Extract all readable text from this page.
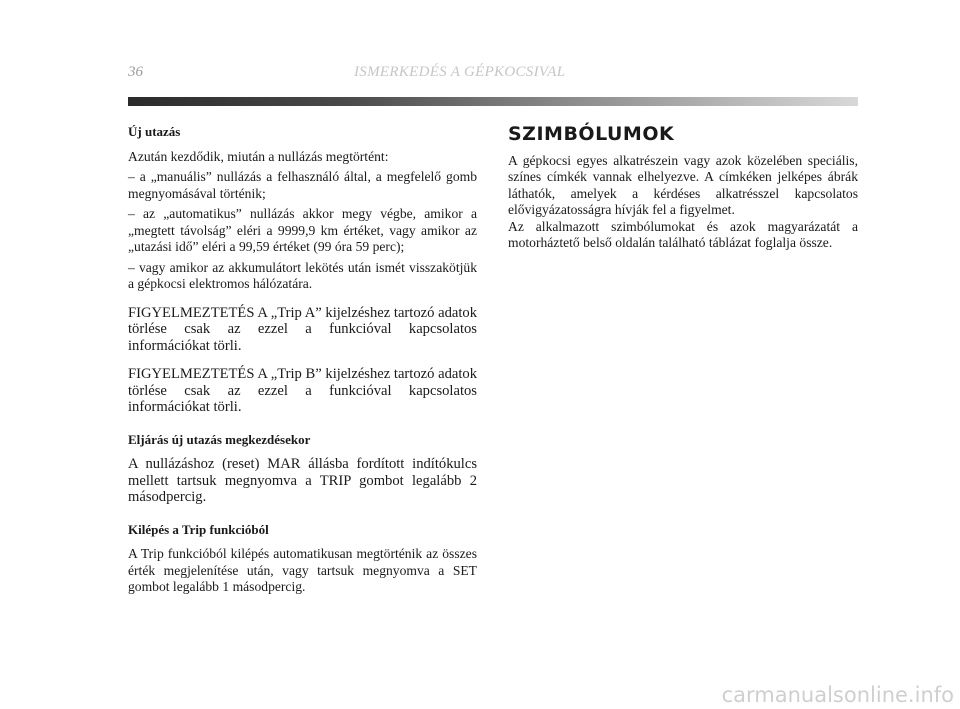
36	ISMERKEDÉS A GÉPKOCSIVAL
Új utazás

Azután kezdődik, miután a nullázás megtörtént:

– a „manuális” nullázás a felhasználó által, a megfelelő gomb megnyomásával történik;

– az „automatikus” nullázás akkor megy végbe, amikor a „megtett távolság” eléri a 9999,9 km értéket, vagy amikor az „utazási idő” eléri a 99,59 értéket (99 óra 59 perc);

– vagy amikor az akkumulátort lekötés után ismét visszakötjük a gépkocsi elektromos hálózatára.

FIGYELMEZTETÉS A „Trip A” kijelzéshez tartozó adatok törlése csak az ezzel a funkcióval kapcsolatos információkat törli.

FIGYELMEZTETÉS A „Trip B” kijelzéshez tartozó adatok törlése csak az ezzel a funkcióval kapcsolatos információkat törli.

Eljárás új utazás megkezdésekor

A nullázáshoz (reset) MAR állásba fordított indítókulcs mellett tartsuk megnyomva a TRIP gombot legalább 2 másodpercig.

Kilépés a Trip funkcióból

A Trip funkcióból kilépés automatikusan megtörténik az összes érték megjelenítése után, vagy tartsuk megnyomva a SET gombot legalább 1 másodpercig.

SZIMBÓLUMOK

A gépkocsi egyes alkatrészein vagy azok közelében speciális, színes címkék vannak elhelyezve. A címkéken jelképes ábrák láthatók, amelyek a kérdéses alkatrésszel kapcsolatos elővigyázatosságra hívják fel a figyelmet.

Az alkalmazott szimbólumokat és azok magyarázatát a motorháztető belső oldalán található táblázat foglalja össze.

carmanualsonline.info
